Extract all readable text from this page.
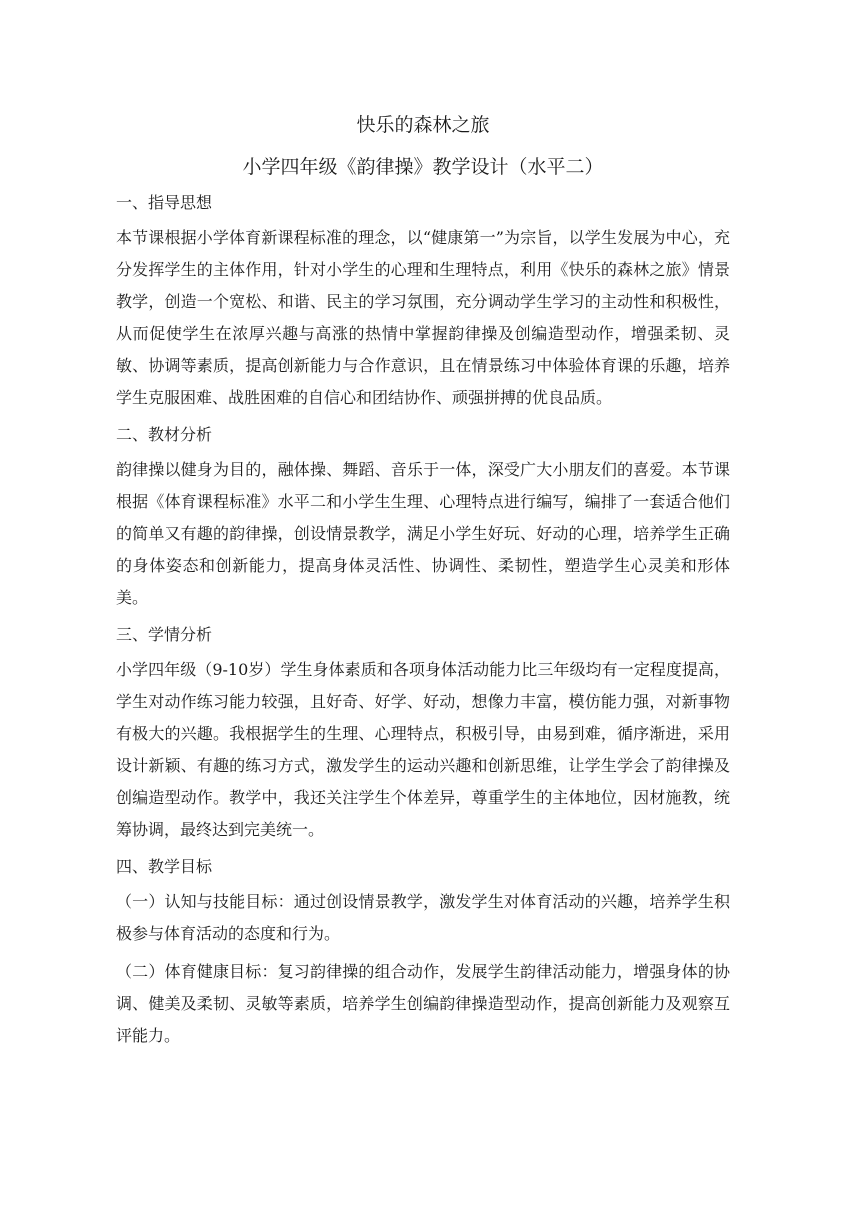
快乐的森林之旅
小学四年级《韵律操》教学设计（水平二）
一、指导思想

本节课根据小学体育新课程标准的理念，以“健康第一”为宗旨，以学生发展为中心，充分发挥学生的主体作用，针对小学生的心理和生理特点，利用《快乐的森林之旅》情景教学，创造一个宽松、和谐、民主的学习氛围，充分调动学生学习的主动性和积极性，从而促使学生在浓厚兴趣与高涨的热情中掌握韵律操及创编造型动作，增强柔韧、灵敏、协调等素质，提高创新能力与合作意识，且在情景练习中体验体育课的乐趣，培养学生克服困难、战胜困难的自信心和团结协作、顽强拼搏的优良品质。

二、教材分析

韵律操以健身为目的，融体操、舞蹈、音乐于一体，深受广大小朋友们的喜爱。本节课根据《体育课程标准》水平二和小学生生理、心理特点进行编写，编排了一套适合他们的简单又有趣的韵律操，创设情景教学，满足小学生好玩、好动的心理，培养学生正确的身体姿态和创新能力，提高身体灵活性、协调性、柔韧性，塑造学生心灵美和形体美。

三、学情分析

小学四年级（9-10岁）学生身体素质和各项身体活动能力比三年级均有一定程度提高，学生对动作练习能力较强，且好奇、好学、好动，想像力丰富，模仿能力强，对新事物有极大的兴趣。我根据学生的生理、心理特点，积极引导，由易到难，循序渐进，采用设计新颖、有趣的练习方式，激发学生的运动兴趣和创新思维，让学生学会了韵律操及创编造型动作。教学中，我还关注学生个体差异，尊重学生的主体地位，因材施教，统筹协调，最终达到完美统一。

四、教学目标

（一）认知与技能目标：通过创设情景教学，激发学生对体育活动的兴趣，培养学生积极参与体育活动的态度和行为。

（二）体育健康目标：复习韵律操的组合动作，发展学生韵律活动能力，增强身体的协调、健美及柔韧、灵敏等素质，培养学生创编韵律操造型动作，提高创新能力及观察互评能力。
